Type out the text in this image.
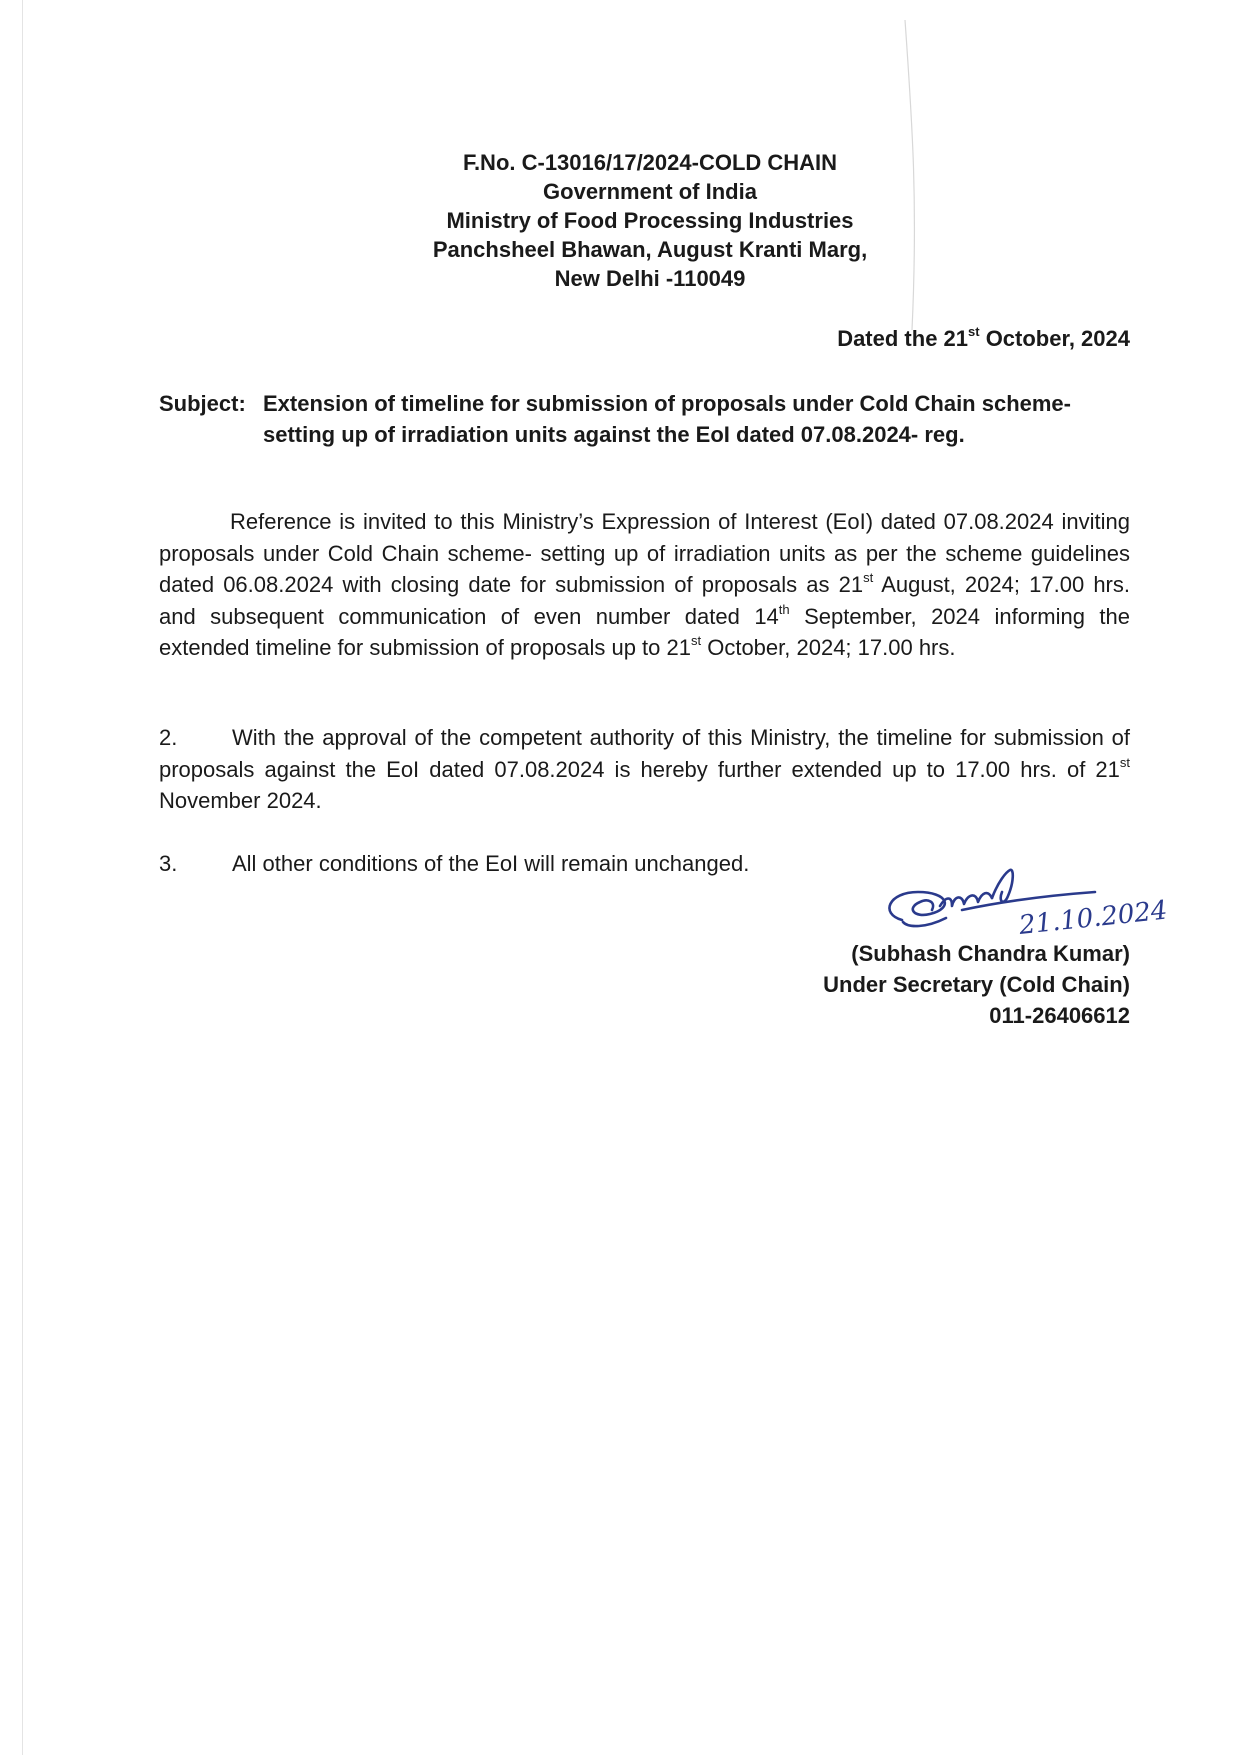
F.No. C-13016/17/2024-COLD CHAIN
Government of India
Ministry of Food Processing Industries
Panchsheel Bhawan, August Kranti Marg,
New Delhi -110049
Dated the 21st October, 2024
Subject: Extension of timeline for submission of proposals under Cold Chain scheme- setting up of irradiation units against the EoI dated 07.08.2024- reg.
Reference is invited to this Ministry’s Expression of Interest (EoI) dated 07.08.2024 inviting proposals under Cold Chain scheme- setting up of irradiation units as per the scheme guidelines dated 06.08.2024 with closing date for submission of proposals as 21st August, 2024; 17.00 hrs. and subsequent communication of even number dated 14th September, 2024 informing the extended timeline for submission of proposals up to 21st October, 2024; 17.00 hrs.
2. With the approval of the competent authority of this Ministry, the timeline for submission of proposals against the EoI dated 07.08.2024 is hereby further extended up to 17.00 hrs. of 21st November 2024.
3. All other conditions of the EoI will remain unchanged.
21.10.2024
(Subhash Chandra Kumar)
Under Secretary (Cold Chain)
011-26406612
